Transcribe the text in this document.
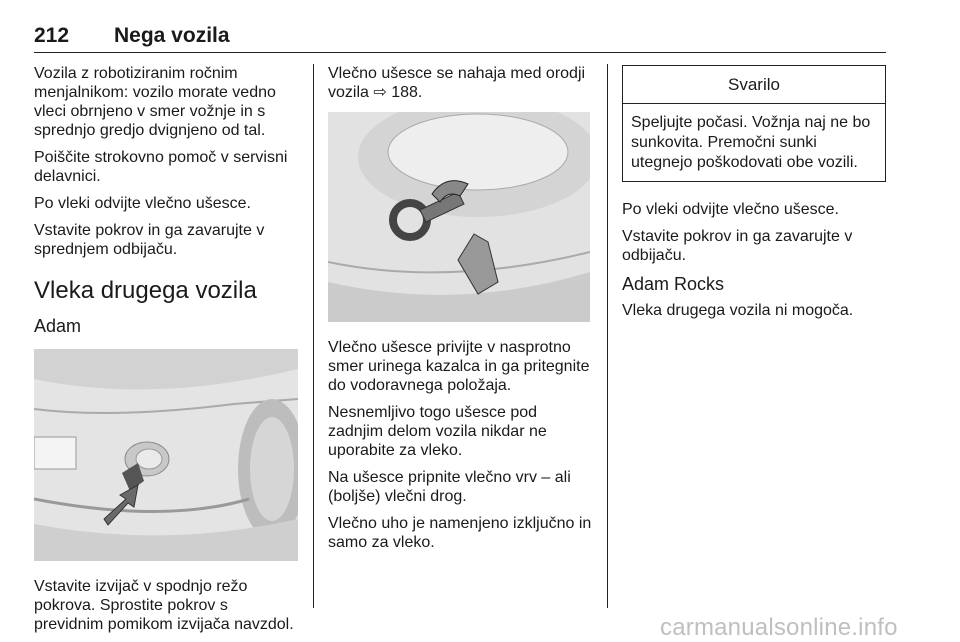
212 Nega vozila

Vozila z robotiziranim ročnim menjalnikom: vozilo morate vedno vleci obrnjeno v smer vožnje in s sprednjo gredjo dvignjeno od tal.

Poiščite strokovno pomoč v servisni delavnici.

Po vleki odvijte vlečno ušesce.

Vstavite pokrov in ga zavarujte v sprednjem odbijaču.

Vleka drugega vozila
Adam

Vstavite izvijač v spodnjo režo pokrova. Sprostite pokrov s previdnim pomikom izvijača navzdol.

Vlečno ušesce se nahaja med orodji vozila ⇨ 188.

Vlečno ušesce privijte v nasprotno smer urinega kazalca in ga pritegnite do vodoravnega položaja.

Nesnemljivo togo ušesce pod zadnjim delom vozila nikdar ne uporabite za vleko.

Na ušesce pripnite vlečno vrv – ali (boljše) vlečni drog.

Vlečno uho je namenjeno izključno in samo za vleko.

Svarilo
Speljujte počasi. Vožnja naj ne bo sunkovita. Premočni sunki utegnejo poškodovati obe vozili.

Po vleki odvijte vlečno ušesce.

Vstavite pokrov in ga zavarujte v odbijaču.

Adam Rocks

Vleka drugega vozila ni mogoča.

carmanualsonline.info
